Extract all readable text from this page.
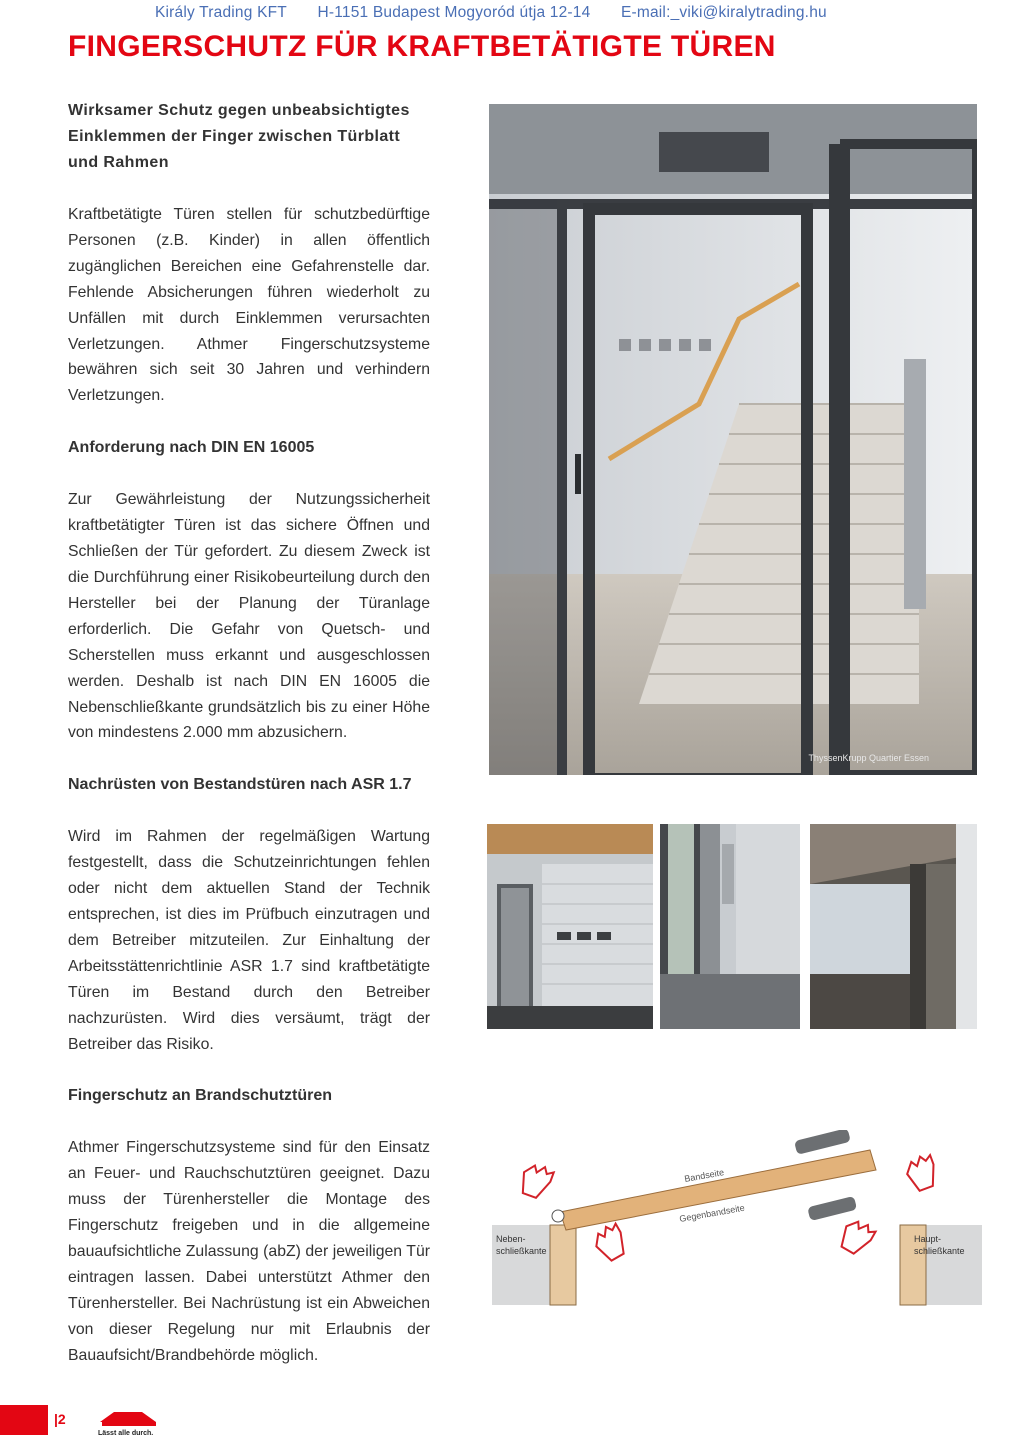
Király Trading KFT H-1151 Budapest Mogyoród útja 12-14 E-mail:_viki@kiralytrading.hu
FINGERSCHUTZ FÜR KRAFTBETÄTIGTE TÜREN

Wirksamer Schutz gegen unbeabsichtigtes Einklemmen der Finger zwischen Türblatt und Rahmen

Kraftbetätigte Türen stellen für schutzbedürftige Personen (z.B. Kinder) in allen öffentlich zugänglichen Bereichen eine Gefahrenstelle dar. Fehlende Absicherungen führen wiederholt zu Unfällen mit durch Einklemmen verursachten Verletzungen. Athmer Fingerschutzsysteme bewähren sich seit 30 Jahren und verhindern Verletzungen.

Anforderung nach DIN EN 16005

Zur Gewährleistung der Nutzungssicherheit kraftbetätigter Türen ist das sichere Öffnen und Schließen der Tür gefordert. Zu diesem Zweck ist die Durchführung einer Risikobeurteilung durch den Hersteller bei der Planung der Türanlage erforderlich. Die Gefahr von Quetsch- und Scherstellen muss erkannt und ausgeschlossen werden. Deshalb ist nach DIN EN 16005 die Nebenschließkante grundsätzlich bis zu einer Höhe von mindestens 2.000 mm abzusichern.

Nachrüsten von Bestandstüren nach ASR 1.7

Wird im Rahmen der regelmäßigen Wartung festgestellt, dass die Schutzeinrichtungen fehlen oder nicht dem aktuellen Stand der Technik entsprechen, ist dies im Prüfbuch einzutragen und dem Betreiber mitzuteilen. Zur Einhaltung der Arbeitsstättenrichtlinie ASR 1.7 sind kraftbetätigte Türen im Bestand durch den Betreiber nachzurüsten. Wird dies versäumt, trägt der Betreiber das Risiko.

Fingerschutz an Brandschutztüren

Athmer Fingerschutzsysteme sind für den Einsatz an Feuer- und Rauchschutztüren geeignet. Dazu muss der Türenhersteller die Montage des Fingerschutz freigeben und in die allgemeine bauaufsichtliche Zulassung (abZ) der jeweiligen Tür eintragen lassen. Dabei unterstützt Athmer den Türenhersteller. Bei Nachrüstung ist ein Abweichen von dieser Regelung nur mit Erlaubnis der Bauaufsicht/Brandbehörde möglich.

ThyssenKrupp Quartier Essen
Bandseite
Gegenbandseite
Neben-
schließkante
Haupt-
schließkante
|2
Lässt alle durch.
